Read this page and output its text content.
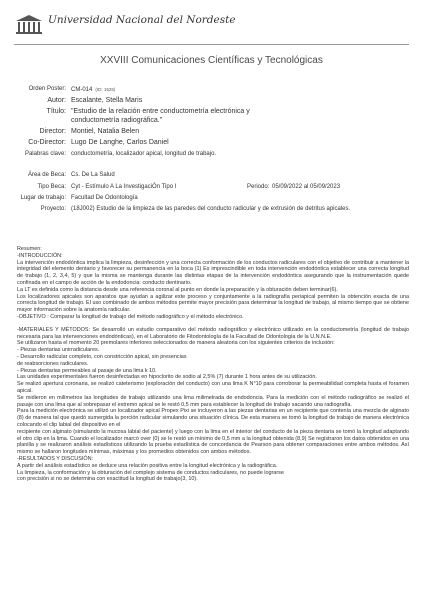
Universidad Nacional del Nordeste
XXVIII Comunicaciones Científicas y Tecnológicas
Orden Poster: CM-014 (ID: 1525)
Autor: Escalante, Stella Maris
Título: "Estudio de la relación entre conductometría electrónica y
conductometría radiográfica."
Director: Montiel, Natalia Belen
Co-Director: Lugo De Langhe, Carlos Daniel
Palabras clave: conductometría, localizador apical, longitud de trabajo.
Área de Beca: Cs. De La Salud
Tipo Beca: Cyt - Estímulo A La InvestigaciÓn Tipo I	Periodo: 05/09/2022 al 05/09/2023
Lugar de trabajo: Facultad De Odontología
Proyecto: (18J002) Estudio de la limpieza de las paredes del conducto radicular y de extrusión de detritus apicales.

Resumen:

-INTRODUCCIÓN:

La intervención endodóntica implica la limpieza, desinfección y una correcta conformación de los conductos radiculares con el objetivo de contribuir a mantener la integridad del elemento dentario y favorecer su permanencia en la boca (1) Es imprescindible en toda intervención endodóntica establecer una correcta longitud de trabajo (1, 2, 3,4, 5) y que la misma se mantenga durante las distintas etapas de la intervención endodóntica asegurando que la instrumentación quede confinada en el campo de acción de la endodoncia: conducto dentinario.

La LT es definida como la distancia desde una referencia coronal al punto en donde la preparación y la obturación deben terminar(6).

Los localizadores apicales son aparatos que ayudan a agilizar este proceso y conjuntamente a la radiografía periapical permiten la obtención exacta de una correcta longitud de trabajo. El uso combinado de ambos métodos permite mayor precisión para determinar la longitud de trabajo, al mismo tiempo que se obtiene mayor información sobre la anatomía radicular.

-OBJETIVO : Comparar la longitud de trabajo del método radiográfico y el método electrónico.

-MATERIALES Y MÉTODOS: Se desarrolló un estudio comparativo del método radiográfico y electrónico utilizado en la conductometría (longitud de trabajo necesaria para las intervenciones endodónticas), en el Laboratorio de Fitodontología de la Facultad de Odontología de la U.N.N.E.

Se utilizaron hasta el momento 20 premolares inferiores seleccionados de manera aleatoria con los siguientes criterios de inclusión:

- Piezas dentarias unirradiculares.

- Desarrollo radicular completo, con constricción apical, sin presencias

de reabsorciones radiculares.

- Piezas dentarias permeables al pasaje de una lima k 10.

Las unidades experimentales fueron desinfectadas en hipoclorito de sodio al 2,5% (7) durante 1 hora antes de su utilización.

Se realizó apertura coronaria, se realizó cateterismo (exploración del conducto) con una lima K N°10 para corroborar la permeabilidad completa hasta el foramen apical.

Se midieron en milímetros las longitudes de trabajo utilizando una lima milimetrada de endodoncia. Para la medición con el método radiográfico se realizó el pasaje con una lima que al sobrepasar el extremo apical se le restó 0,5 mm para establecer la longitud de trabajo sacando una radiografía.

Para la medición electrónica se utilizó un localizador apical Propex Pixi se incluyeron a las piezas dentarias en un recipiente que contenía una mezcla de alginato (8) de manera tal que quedó sumergida la porción radicular simulando una situación clínica. De esta manera se tomó la longitud de trabajo de manera electrónica colocando el clip labial del dispositivo en el

recipiente con alginato (simulando la mucosa labial del paciente) y luego con la lima en el interior del conducto de la pieza dentaria se tomó la longitud adaptando el otro clip en la lima. Cuando el localizador marcó over (0) se le restó un mínimo de 0,5 mm a la longitud obtenida (8,9) Se registraron los datos obtenidos en una planilla y se realizaron análisis estadísticos utilizando la prueba estadística de concordancia de Pearson para obtener comparaciones entre ambos métodos. Así mismo se hallaron longitudes mínimas, máximas y los promedios obtenidos con ambos métodos.

-RESULTADOS Y DISCUSIÓN:

A partir del análisis estadístico se deduce una relación positiva entre la longitud electrónica y la radiográfica.

La limpieza, la conformación y la obturación del complejo sistema de conductos radiculares, no puede lograrse

con precisión si no se determina con exactitud la longitud de trabajo(3, 10).
